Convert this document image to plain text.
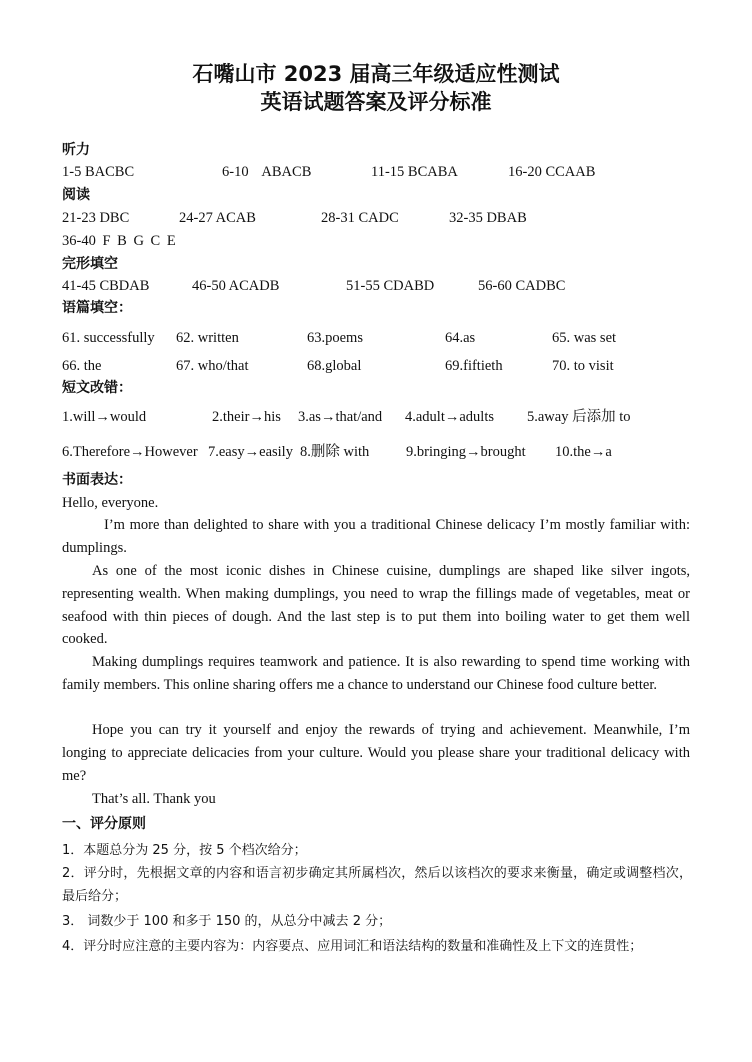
石嘴山市 2023 届高三年级适应性测试
英语试题答案及评分标准
听力
1-5 BACBC	6-10 ABACB	11-15 BCABA	16-20 CCAAB
阅读
21-23 DBC	24-27 ACAB	28-31 CADC	32-35 DBAB
36-40 F B G C E
完形填空
41-45 CBDAB	46-50 ACADB	51-55 CDABD	56-60 CADBC
语篇填空：
61. successfully 62. written	63.poems	64.as	65. was set
66. the	67. who/that	68.global	69.fiftieth	70. to visit
短文改错：
1.will→would	2.their→his 3.as→that/and 4.adult→adults 5.away 后添加 to
6.Therefore→However 7.easy→easily 8.删除 with	9.bringing→brought 10.the→a
书面表达：
Hello, everyone.
I’m more than delighted to share with you a traditional Chinese delicacy I’m mostly familiar with: dumplings.
As one of the most iconic dishes in Chinese cuisine, dumplings are shaped like silver ingots, representing wealth. When making dumplings, you need to wrap the fillings made of vegetables, meat or seafood with thin pieces of dough. And the last step is to put them into boiling water to get them well cooked.
Making dumplings requires teamwork and patience. It is also rewarding to spend time working with family members. This online sharing offers me a chance to understand our Chinese food culture better.
Hope you can try it yourself and enjoy the rewards of trying and achievement. Meanwhile, I’m longing to appreciate delicacies from your culture. Would you please share your traditional delicacy with me?
That’s all. Thank you
一、评分原则
1．本题总分为 25 分，按 5 个档次给分；
2．评分时，先根据文章的内容和语言初步确定其所属档次，然后以该档次的要求来衡量，确定或调整档次，最后给分；
3． 词数少于 100 和多于 150 的，从总分中减去 2 分；
4．评分时应注意的主要内容为：内容要点、应用词汇和语法结构的数量和准确性及上下文的连贯性；
